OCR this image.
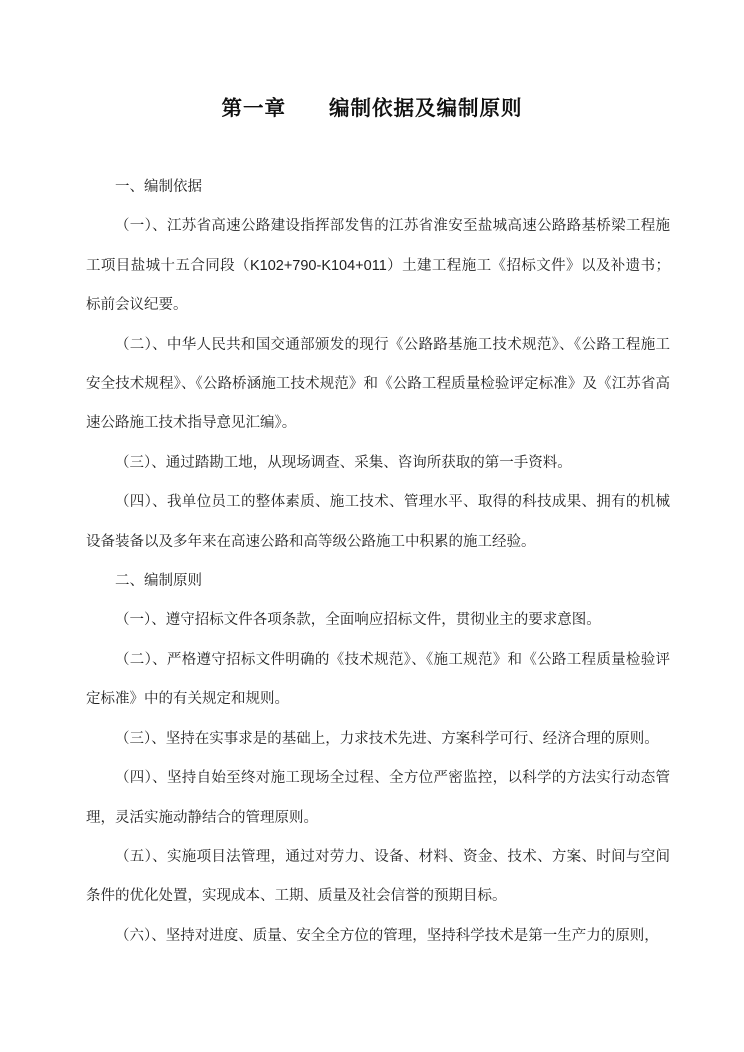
第一章　　编制依据及编制原则

一、编制依据

（一）、江苏省高速公路建设指挥部发售的江苏省淮安至盐城高速公路路基桥梁工程施工项目盐城十五合同段（K102+790-K104+011）土建工程施工《招标文件》以及补遗书；标前会议纪要。

（二）、中华人民共和国交通部颁发的现行《公路路基施工技术规范》、《公路工程施工安全技术规程》、《公路桥涵施工技术规范》和《公路工程质量检验评定标准》及《江苏省高速公路施工技术指导意见汇编》。

（三）、通过踏勘工地，从现场调查、采集、咨询所获取的第一手资料。

（四）、我单位员工的整体素质、施工技术、管理水平、取得的科技成果、拥有的机械设备装备以及多年来在高速公路和高等级公路施工中积累的施工经验。

二、编制原则

（一）、遵守招标文件各项条款，全面响应招标文件，贯彻业主的要求意图。

（二）、严格遵守招标文件明确的《技术规范》、《施工规范》和《公路工程质量检验评定标准》中的有关规定和规则。

（三）、坚持在实事求是的基础上，力求技术先进、方案科学可行、经济合理的原则。

（四）、坚持自始至终对施工现场全过程、全方位严密监控，以科学的方法实行动态管理，灵活实施动静结合的管理原则。

（五）、实施项目法管理，通过对劳力、设备、材料、资金、技术、方案、时间与空间条件的优化处置，实现成本、工期、质量及社会信誉的预期目标。

（六）、坚持对进度、质量、安全全方位的管理，坚持科学技术是第一生产力的原则，
